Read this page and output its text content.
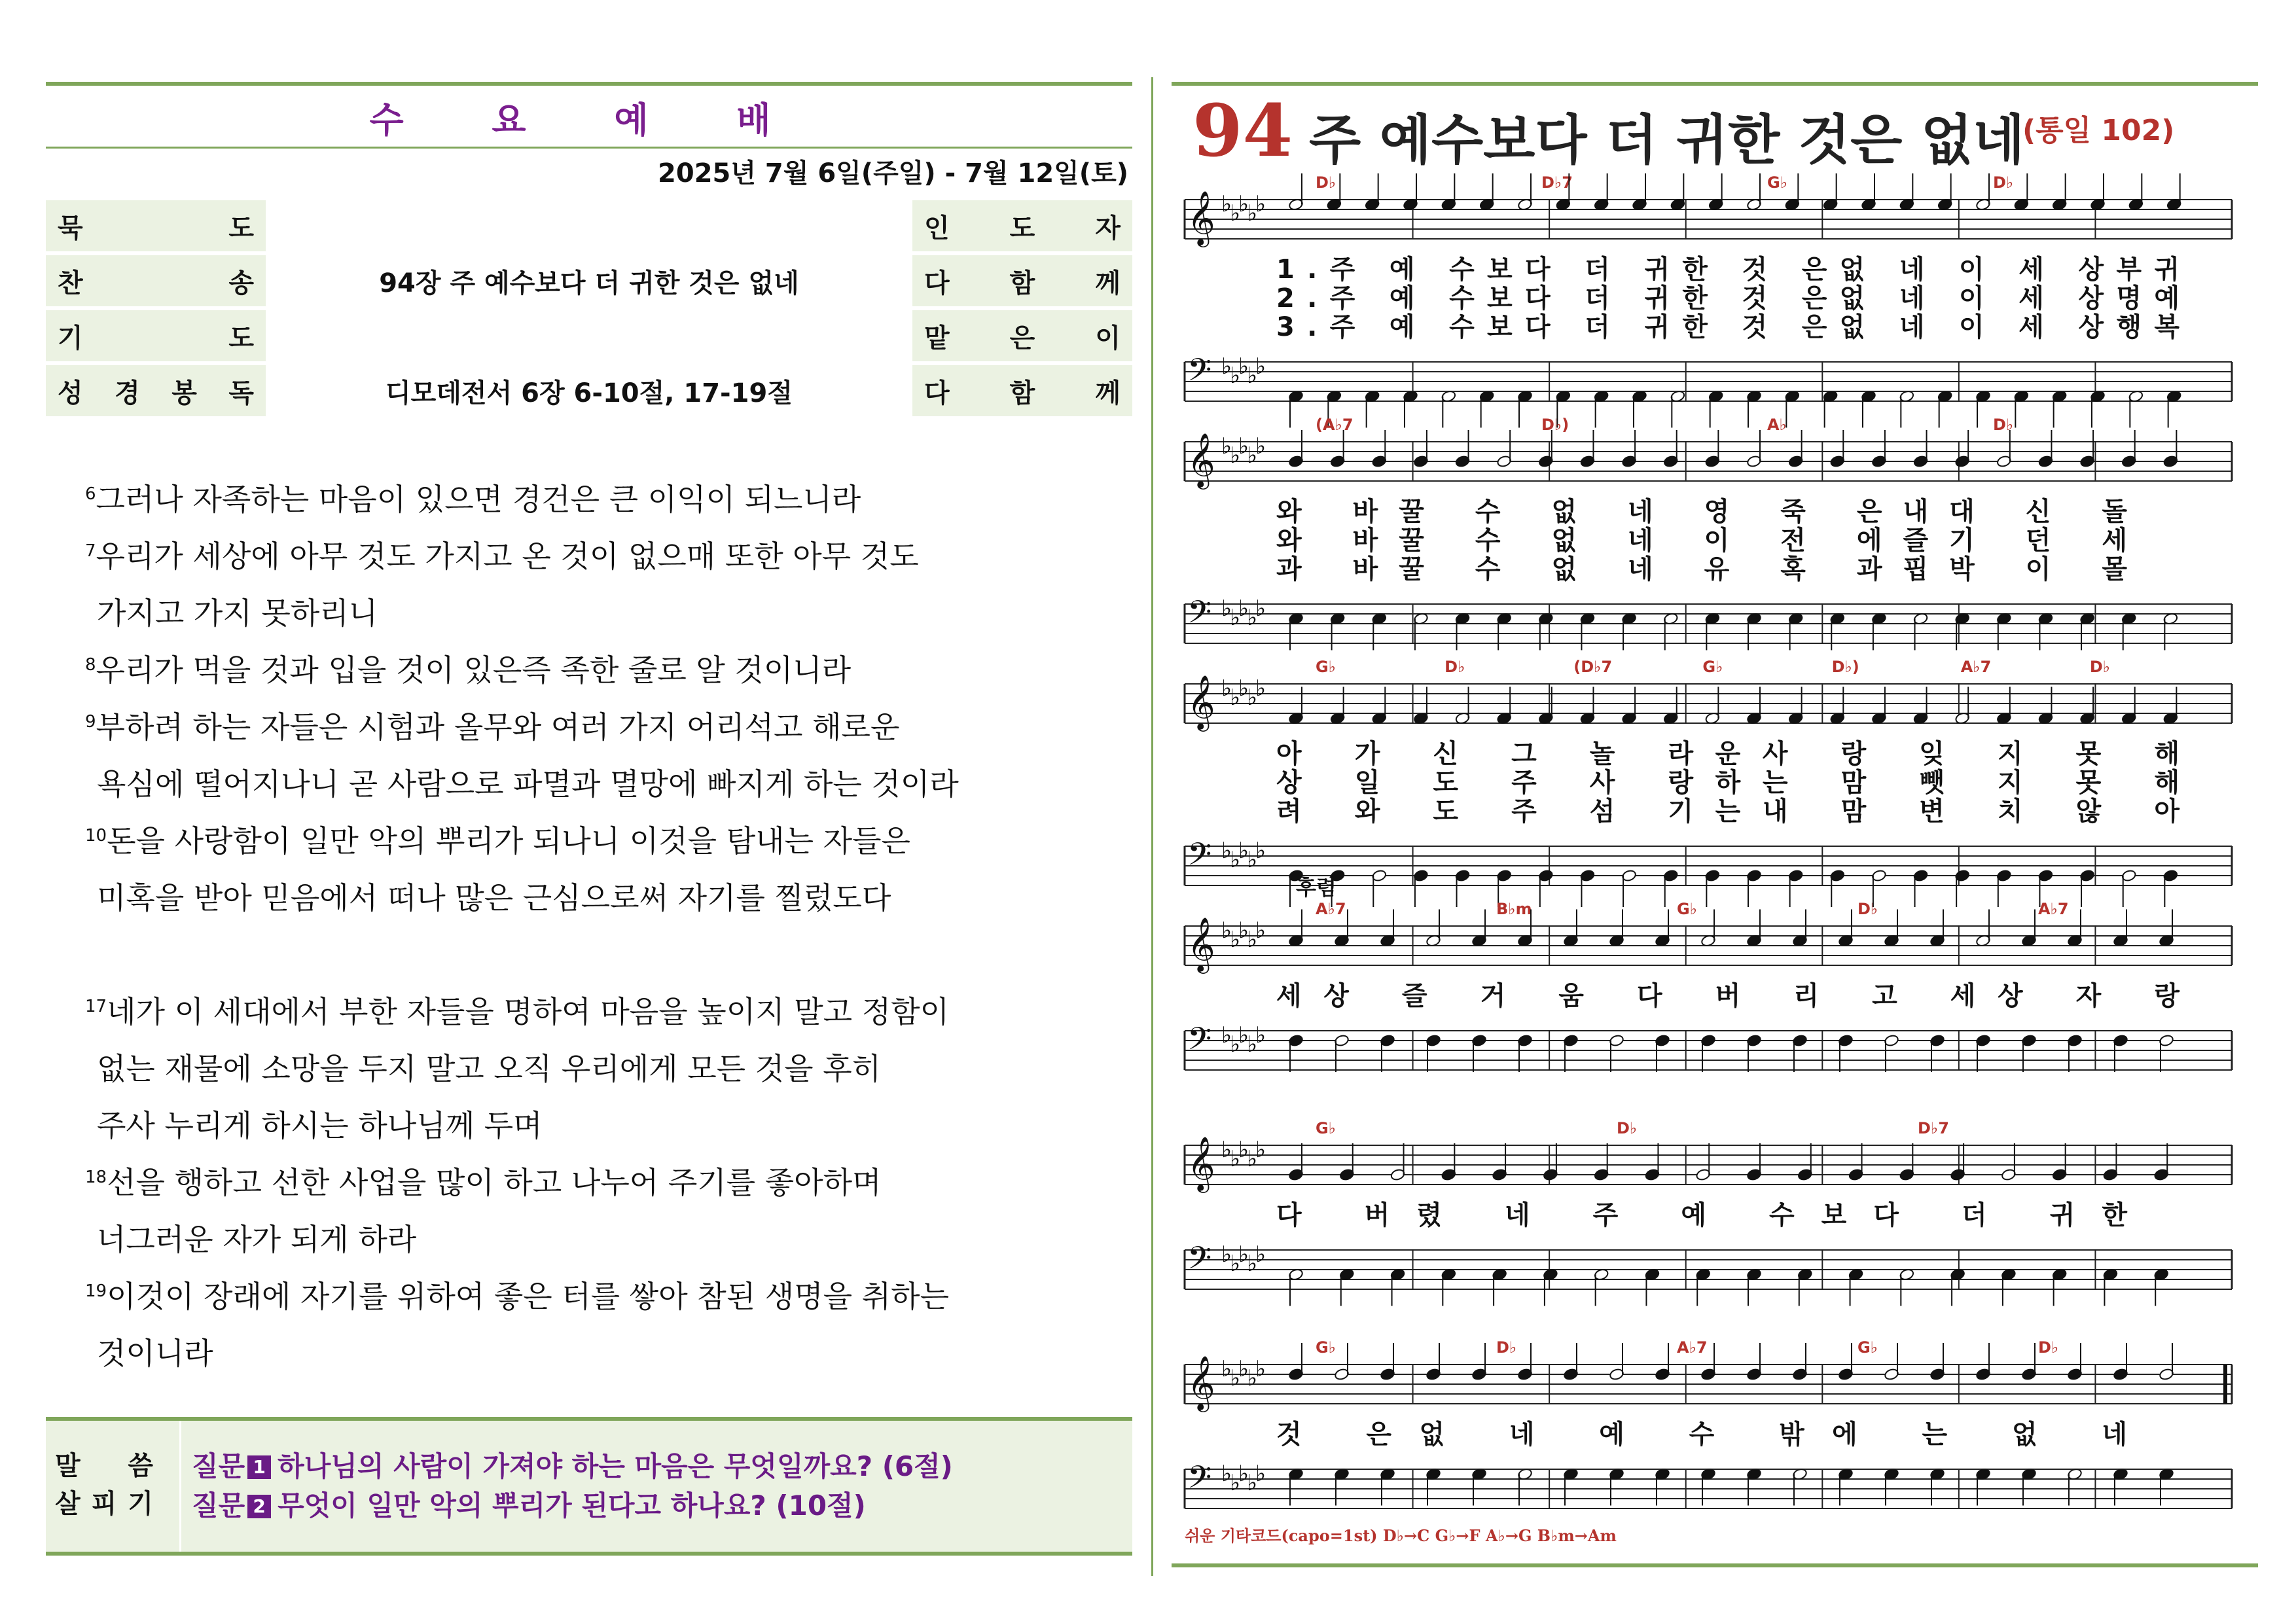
수 요 예 배
2025년 7월 6일(주일) - 7월 12일(토)
묵 도		인 도 자

찬 송	94장 주 예수보다 더 귀한 것은 없네	다 함 께

기 도		맡 은 이

성 경 봉 독	디모데전서 6장 6-10절, 17-19절	다 함 께

$^6$그러나 자족하는 마음이 있으면 경건은 큰 이익이 되느니라

$^7$우리가 세상에 아무 것도 가지고 온 것이 없으매 또한 아무 것도

가지고 가지 못하리니

$^8$우리가 먹을 것과 입을 것이 있은즉 족한 줄로 알 것이니라

$^9$부하려 하는 자들은 시험과 올무와 여러 가지 어리석고 해로운

욕심에 떨어지나니 곧 사람으로 파멸과 멸망에 빠지게 하는 것이라

$^{10}$돈을 사랑함이 일만 악의 뿌리가 되나니 이것을 탐내는 자들은

미혹을 받아 믿음에서 떠나 많은 근심으로써 자기를 찔렀도다

$^{17}$네가 이 세대에서 부한 자들을 명하여 마음을 높이지 말고 정함이

없는 재물에 소망을 두지 말고 오직 우리에게 모든 것을 후히

주사 누리게 하시는 하나님께 두며

$^{18}$선을 행하고 선한 사업을 많이 하고 나누어 주기를 좋아하며

너그러운 자가 되게 하라

$^{19}$이것이 장래에 자기를 위하여 좋은 터를 쌓아 참된 생명을 취하는

것이니라

말 씀
살 피 기
질문 1 하나님의 사람이 가져야 하는 마음은 무엇일까요? (6절)
질문 2 무엇이 일만 악의 뿌리가 된다고 하나요? (10절)
94 주 예수보다 더 귀한 것은 없네
(통일 102)
D♭	D♭7	G♭	D♭
𝄞 ♭
♭
♭
♭
♭
1.주 예 수보다 더 귀한 것 은없 네 이 세 상부귀
2.주 예 수보다 더 귀한 것 은없 네 이 세 상명예
3.주 예 수보다 더 귀한 것 은없 네 이 세 상행복
𝄢 ♭
♭
♭
♭
♭
(A♭7	D♭)	A♭	D♭
𝄞 ♭
♭
♭
♭
♭
와 바꿀 수 없 네 영 죽 은내대 신 돌
와 바꿀 수 없 네 이 전 에즐기 던 세
과 바꿀 수 없 네 유 혹 과핍박 이 몰
𝄢 ♭
♭
♭
♭
♭
G♭	D♭	(D♭7	G♭	D♭)	A♭7	D♭
𝄞 ♭
♭
♭
♭
♭
아 가 신 그 놀 라운사 랑 잊 지 못 해
상 일 도 주 사 랑하는 맘 뺏 지 못 해
려 와 도 주 섬 기는내 맘 변 치 않 아
𝄢 ♭
♭
♭
♭
♭
후렴
A♭7	B♭m	G♭	D♭	A♭7
𝄞 ♭
♭
♭
♭
♭
세상 즐 거 움 다 버 리 고 세상 자 랑
𝄢 ♭
♭
♭
♭
♭
G♭	D♭	D♭7
𝄞 ♭
♭
♭
♭
♭
다 버렸 네 주 예 수보다 더 귀한
𝄢 ♭
♭
♭
♭
♭
G♭	D♭	A♭7	G♭	D♭
𝄞 ♭
♭
♭
♭
♭
것 은없 네 예 수 밖에 는 없 네
𝄢 ♭
♭
♭
♭
♭
쉬운 기타코드(capo=1st) D♭→C G♭→F A♭→G B♭m→Am
